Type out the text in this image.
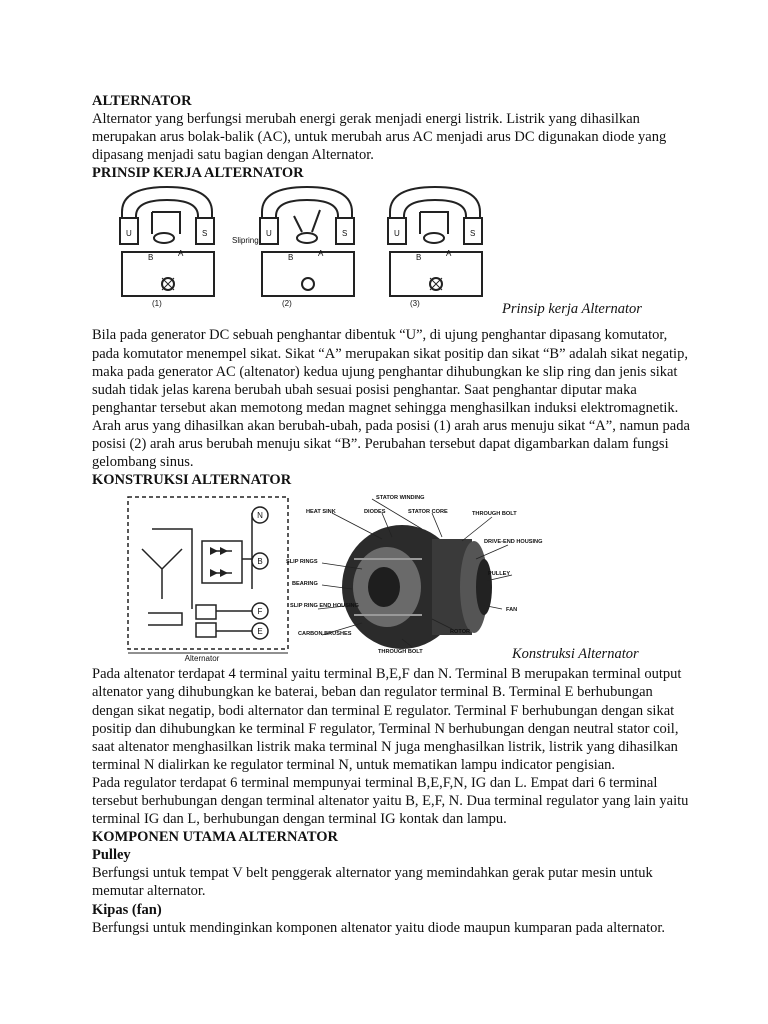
ALTERNATOR

Alternator yang berfungsi merubah energi gerak menjadi energi listrik. Listrik yang dihasilkan merupakan arus bolak-balik (AC), untuk merubah arus AC menjadi arus DC digunakan diode yang dipasang menjadi satu bagian dengan Alternator.

PRINSIP KERJA ALTERNATOR
U	S	U	S	U	S
Slipring
B	A	B	A	B	A
(1)	(2)	(3)	Prinsip kerja Alternator

Bila pada generator DC sebuah penghantar dibentuk “U”, di ujung penghantar dipasang komutator, pada komutator menempel sikat. Sikat “A” merupakan sikat positip dan sikat “B” adalah sikat negatip, maka pada generator AC (altenator) kedua ujung penghantar dihubungkan ke slip ring dan jenis sikat sudah tidak jelas karena berubah ubah sesuai posisi penghantar. Saat penghantar diputar maka penghantar tersebut akan memotong medan magnet sehingga menghasilkan induksi elektromagnetik. Arah arus yang dihasilkan akan berubah-ubah, pada posisi (1) arah arus menuju sikat “A”, namun pada posisi (2) arah arus berubah menuju sikat “B”. Perubahan tersebut dapat digambarkan dalam fungsi gelombang sinus.

KONSTRUKSI ALTERNATOR
N
B
F
E
Alternator
STATOR WINDING
HEAT SINK	DIODES	STATOR CORE	THROUGH BOLT
DRIVE-END HOUSING
SLIP RINGS
PULLEY
BEARING
SLIP RING END HOUSING
FAN
CARBON BRUSHES	ROTOR
THROUGH BOLT	Konstruksi Alternator

Pada altenator terdapat 4 terminal yaitu terminal B,E,F dan N. Terminal B merupakan terminal output altenator yang dihubungkan ke baterai, beban dan regulator terminal B. Terminal E berhubungan dengan sikat negatip, bodi alternator dan terminal E regulator. Terminal F berhubungan dengan sikat positip dan dihubungkan ke terminal F regulator, Terminal N berhubungan dengan neutral stator coil, saat altenator menghasilkan listrik maka terminal N juga menghasilkan listrik, listrik yang dihasilkan terminal N dialirkan ke regulator terminal N, untuk mematikan lampu indicator pengisian.

Pada regulator terdapat 6 terminal mempunyai terminal B,E,F,N, IG dan L. Empat dari 6 terminal tersebut berhubungan dengan terminal altenator yaitu B, E,F, N. Dua terminal regulator yang lain yaitu terminal IG dan L, berhubungan dengan terminal IG kontak dan lampu.

KOMPONEN UTAMA ALTERNATOR

Pulley

Berfungsi untuk tempat V belt penggerak alternator yang memindahkan gerak putar mesin untuk memutar alternator.

Kipas (fan)

Berfungsi untuk mendinginkan komponen altenator yaitu diode maupun kumparan pada alternator.
